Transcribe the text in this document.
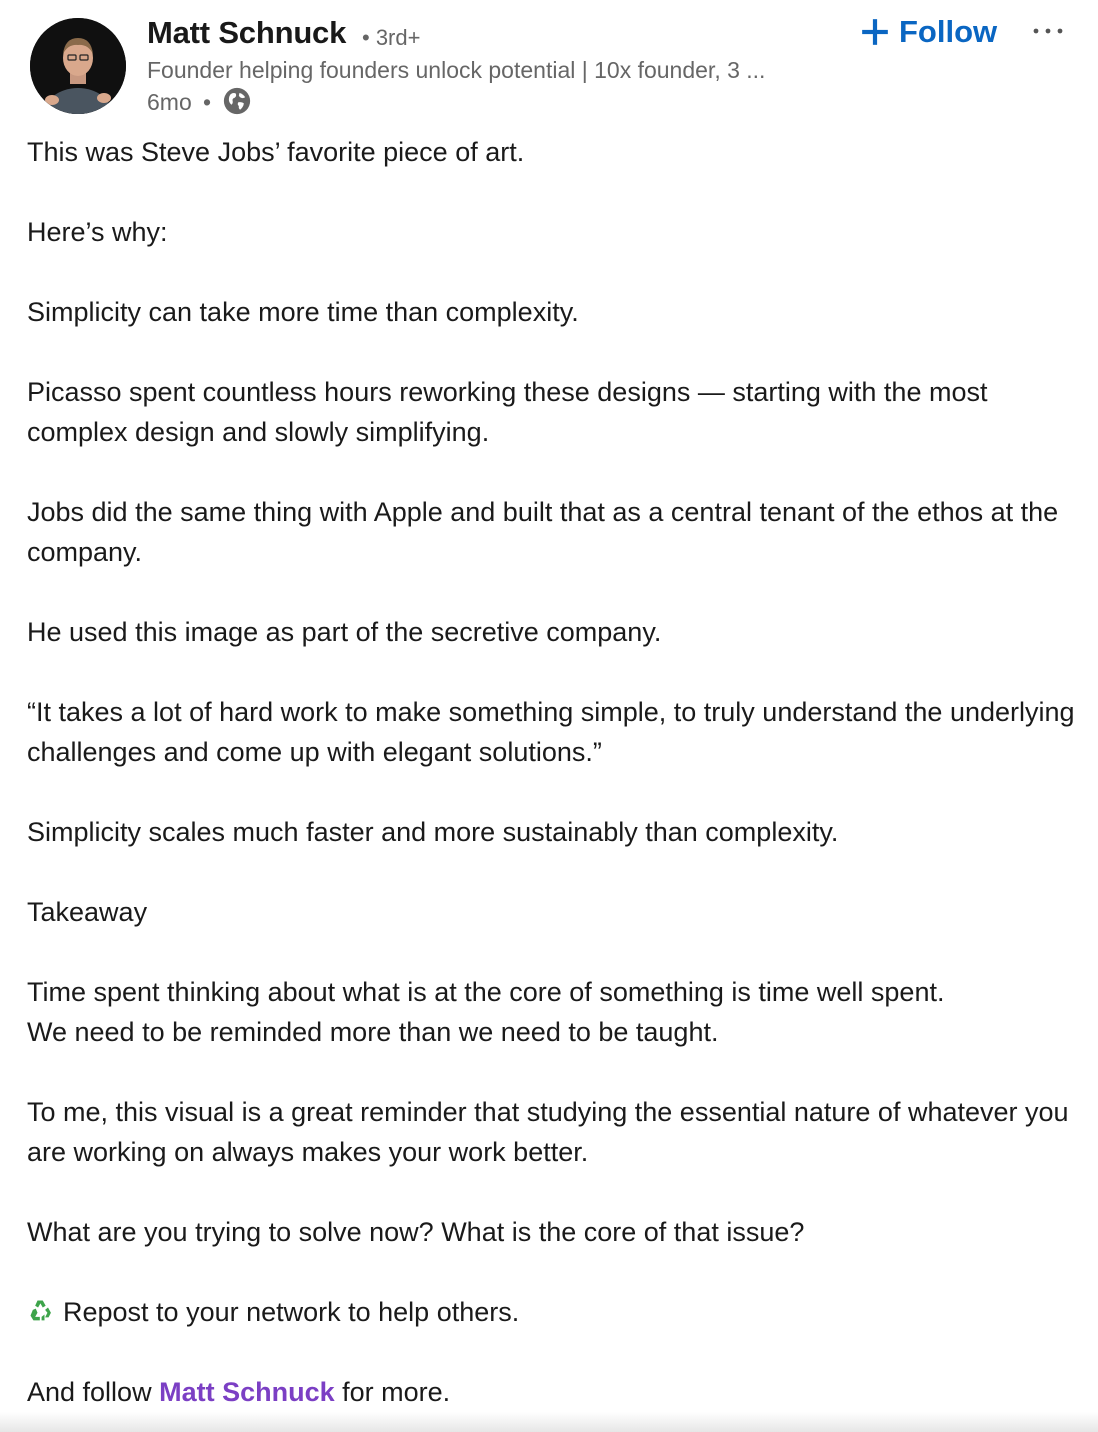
Matt Schnuck • 3rd+
Founder helping founders unlock potential | 10x founder, 3 ...
6mo •
Follow

This was Steve Jobs’ favorite piece of art.

Here’s why:

Simplicity can take more time than complexity.

Picasso spent countless hours reworking these designs — starting with the most complex design and slowly simplifying.

Jobs did the same thing with Apple and built that as a central tenant of the ethos at the company.

He used this image as part of the secretive company.

“It takes a lot of hard work to make something simple, to truly understand the underlying challenges and come up with elegant solutions.”

Simplicity scales much faster and more sustainably than complexity.

Takeaway

Time spent thinking about what is at the core of something is time well spent.
We need to be reminded more than we need to be taught.

To me, this visual is a great reminder that studying the essential nature of whatever you are working on always makes your work better.

What are you trying to solve now? What is the core of that issue?

Repost to your network to help others.

And follow Matt Schnuck for more.
